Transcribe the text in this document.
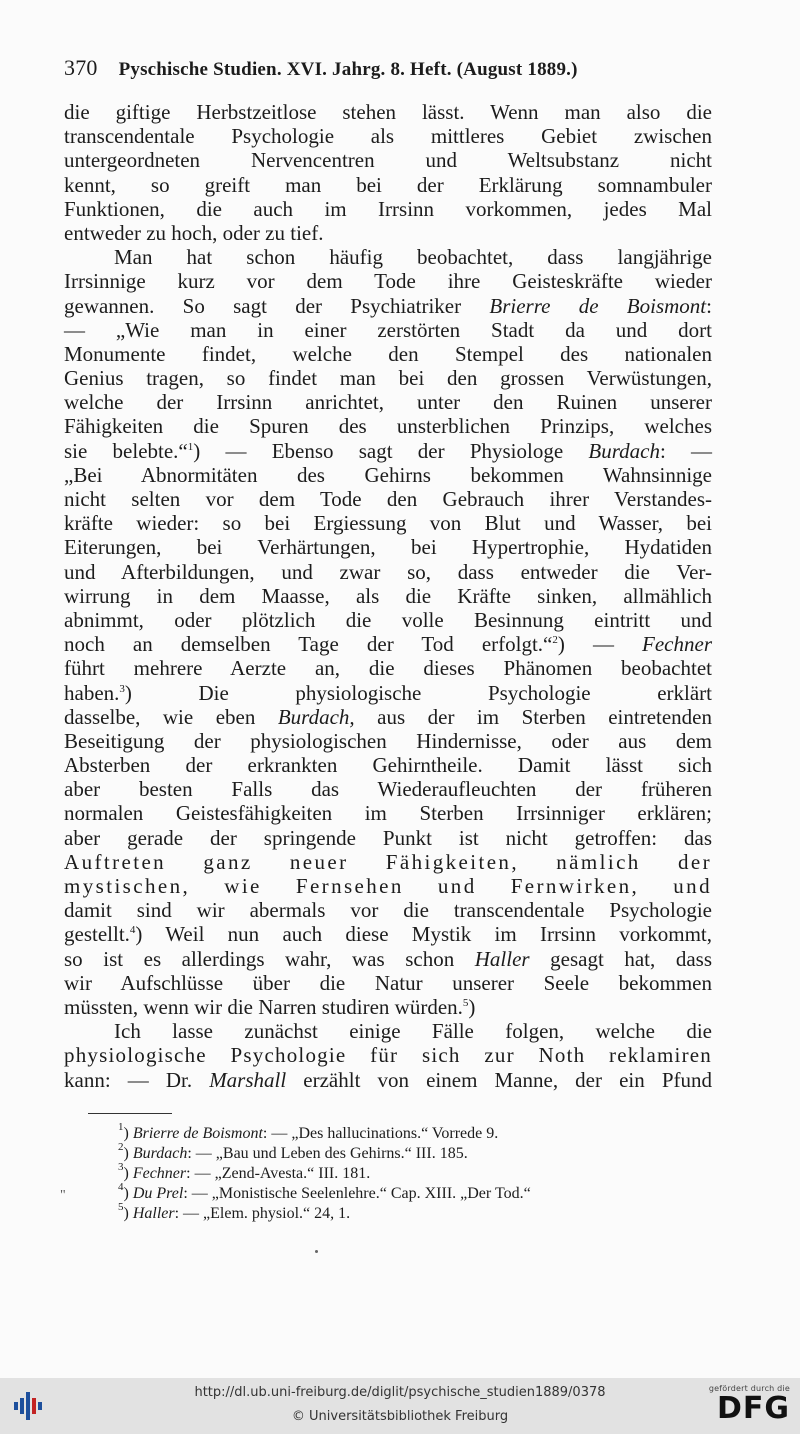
370 Pyschische Studien. XVI. Jahrg. 8. Heft. (August 1889.)
die giftige Herbstzeitlose stehen lässt. Wenn man also die
transcendentale Psychologie als mittleres Gebiet zwischen
untergeordneten Nervencentren und Weltsubstanz nicht
kennt, so greift man bei der Erklärung somnambuler
Funktionen, die auch im Irrsinn vorkommen, jedes Mal
entweder zu hoch, oder zu tief.
Man hat schon häufig beobachtet, dass langjährige
Irrsinnige kurz vor dem Tode ihre Geisteskräfte wieder
gewannen. So sagt der Psychiatriker Brierre de Boismont:
— „Wie man in einer zerstörten Stadt da und dort
Monumente findet, welche den Stempel des nationalen
Genius tragen, so findet man bei den grossen Verwüstungen,
welche der Irrsinn anrichtet, unter den Ruinen unserer
Fähigkeiten die Spuren des unsterblichen Prinzips, welches
sie belebte.“$^1$) — Ebenso sagt der Physiologe Burdach: —
„Bei Abnormitäten des Gehirns bekommen Wahnsinnige
nicht selten vor dem Tode den Gebrauch ihrer Verstandes-
kräfte wieder: so bei Ergiessung von Blut und Wasser, bei
Eiterungen, bei Verhärtungen, bei Hypertrophie, Hydatiden
und Afterbildungen, und zwar so, dass entweder die Ver-
wirrung in dem Maasse, als die Kräfte sinken, allmählich
abnimmt, oder plötzlich die volle Besinnung eintritt und
noch an demselben Tage der Tod erfolgt.“$^2$) — Fechner
führt mehrere Aerzte an, die dieses Phänomen beobachtet
haben.$^3$) Die physiologische Psychologie erklärt
dasselbe, wie eben Burdach, aus der im Sterben eintretenden
Beseitigung der physiologischen Hindernisse, oder aus dem
Absterben der erkrankten Gehirntheile. Damit lässt sich
aber besten Falls das Wiederaufleuchten der früheren
normalen Geistesfähigkeiten im Sterben Irrsinniger erklären;
aber gerade der springende Punkt ist nicht getroffen: das
Auftreten ganz neuer Fähigkeiten, nämlich der
mystischen, wie Fernsehen und Fernwirken, und
damit sind wir abermals vor die transcendentale Psychologie
gestellt.$^4$) Weil nun auch diese Mystik im Irrsinn vorkommt,
so ist es allerdings wahr, was schon Haller gesagt hat, dass
wir Aufschlüsse über die Natur unserer Seele bekommen
müssten, wenn wir die Narren studiren würden.$^5$)
Ich lasse zunächst einige Fälle folgen, welche die
physiologische Psychologie für sich zur Noth reklamiren
kann: — Dr. Marshall erzählt von einem Manne, der ein Pfund
$^1$) Brierre de Boismont: — „Des hallucinations.“ Vorrede 9.
$^2$) Burdach: — „Bau und Leben des Gehirns.“ III. 185.
$^3$) Fechner: — „Zend-Avesta.“ III. 181.
$^4$) Du Prel: — „Monistische Seelenlehre.“ Cap. XIII. „Der Tod.“
$^5$) Haller: — „Elem. physiol.“ 24, 1.
"
http://dl.ub.uni-freiburg.de/diglit/psychische_studien1889/0378
© Universitätsbibliothek Freiburg
gefördert durch die
DFG
